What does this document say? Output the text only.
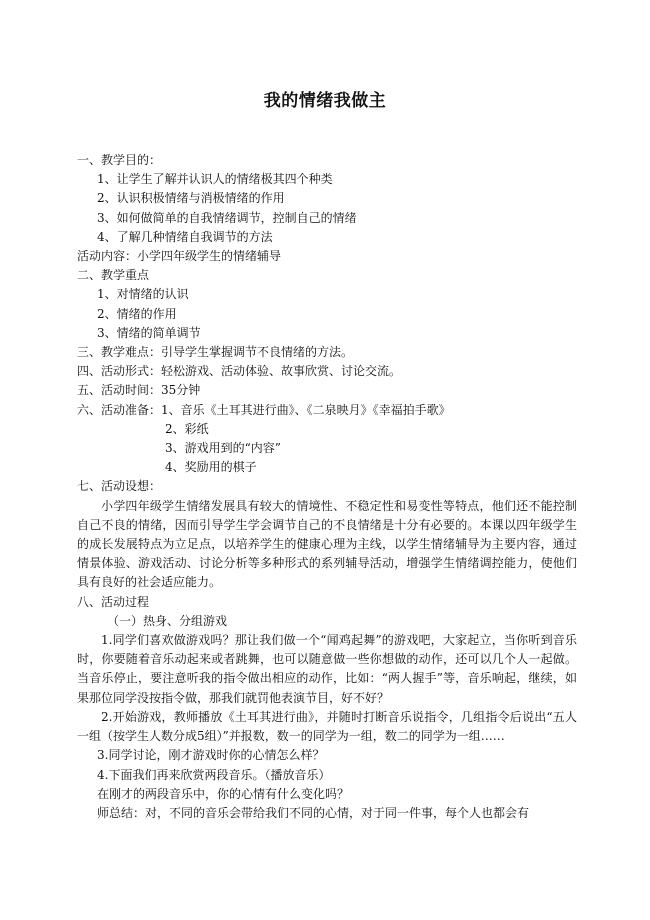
我的情绪我做主

一、教学目的：

1、让学生了解并认识人的情绪极其四个种类

2、认识积极情绪与消极情绪的作用

3、如何做简单的自我情绪调节，控制自己的情绪

4、了解几种情绪自我调节的方法

活动内容：小学四年级学生的情绪辅导

二、教学重点

1、对情绪的认识

2、情绪的作用

3、情绪的简单调节

三、教学难点：引导学生掌握调节不良情绪的方法。

四、活动形式：轻松游戏、活动体验、故事欣赏、讨论交流。

五、活动时间：35分钟

六、活动准备：1、音乐《土耳其进行曲》、《二泉映月》《幸福拍手歌》

2、彩纸

3、游戏用到的“内容”

4、奖励用的棋子

七、活动设想：

小学四年级学生情绪发展具有较大的情境性、不稳定性和易变性等特点，他们还不能控制自己不良的情绪，因而引导学生学会调节自己的不良情绪是十分有必要的。本课以四年级学生的成长发展特点为立足点，以培养学生的健康心理为主线，以学生情绪辅导为主要内容，通过情景体验、游戏活动、讨论分析等多种形式的系列辅导活动，增强学生情绪调控能力，使他们具有良好的社会适应能力。

八、活动过程

（一）热身、分组游戏

1.同学们喜欢做游戏吗？那让我们做一个“闻鸡起舞”的游戏吧，大家起立，当你听到音乐时，你要随着音乐动起来或者跳舞，也可以随意做一些你想做的动作，还可以几个人一起做。当音乐停止，要注意听我的指令做出相应的动作，比如：“两人握手”等，音乐响起，继续，如果那位同学没按指令做，那我们就罚他表演节目，好不好？

2.开始游戏，教师播放《土耳其进行曲》，并随时打断音乐说指令，几组指令后说出“五人一组（按学生人数分成5组）”并报数，数一的同学为一组，数二的同学为一组……

3.同学讨论，刚才游戏时你的心情怎么样？

4.下面我们再来欣赏两段音乐。（播放音乐）

在刚才的两段音乐中，你的心情有什么变化吗？

师总结：对，不同的音乐会带给我们不同的心情，对于同一件事，每个人也都会有
